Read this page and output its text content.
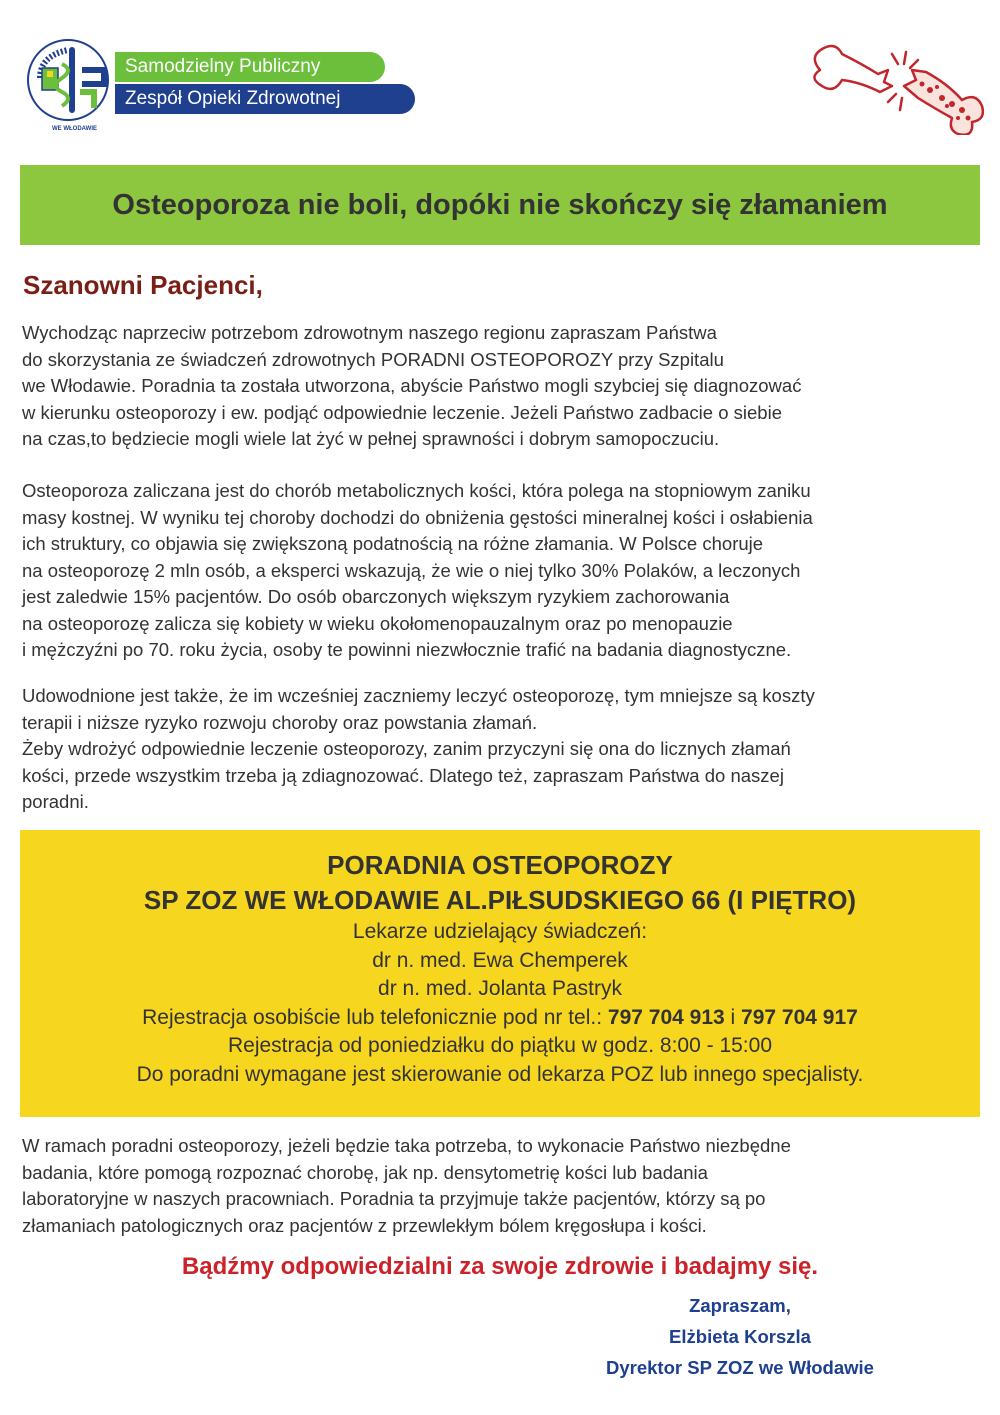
WE WŁODAWIE
Samodzielny Publiczny
Zespół Opieki Zdrowotnej
Osteoporoza nie boli, dopóki nie skończy się złamaniem
Szanowni Pacjenci,
Wychodząc naprzeciw potrzebom zdrowotnym naszego regionu zapraszam Państwa
do skorzystania ze świadczeń zdrowotnych PORADNI OSTEOPOROZY przy Szpitalu
we Włodawie. Poradnia ta została utworzona, abyście Państwo mogli szybciej się diagnozować
w kierunku osteoporozy i ew. podjąć odpowiednie leczenie. Jeżeli Państwo zadbacie o siebie
na czas,to będziecie mogli wiele lat żyć w pełnej sprawności i dobrym samopoczuciu.
Osteoporoza zaliczana jest do chorób metabolicznych kości, która polega na stopniowym zaniku
masy kostnej. W wyniku tej choroby dochodzi do obniżenia gęstości mineralnej kości i osłabienia
ich struktury, co objawia się zwiększoną podatnością na różne złamania. W Polsce choruje
na osteoporozę 2 mln osób, a eksperci wskazują, że wie o niej tylko 30% Polaków, a leczonych
jest zaledwie 15% pacjentów. Do osób obarczonych większym ryzykiem zachorowania
na osteoporozę zalicza się kobiety w wieku okołomenopauzalnym oraz po menopauzie
i mężczyźni po 70. roku życia, osoby te powinni niezwłocznie trafić na badania diagnostyczne.
Udowodnione jest także, że im wcześniej zaczniemy leczyć osteoporozę, tym mniejsze są koszty
terapii i niższe ryzyko rozwoju choroby oraz powstania złamań.
Żeby wdrożyć odpowiednie leczenie osteoporozy, zanim przyczyni się ona do licznych złamań
kości, przede wszystkim trzeba ją zdiagnozować. Dlatego też, zapraszam Państwa do naszej
poradni.
PORADNIA OSTEOPOROZY
SP ZOZ WE WŁODAWIE AL.PIŁSUDSKIEGO 66 (I PIĘTRO)
Lekarze udzielający świadczeń:
dr n. med. Ewa Chemperek
dr n. med. Jolanta Pastryk
Rejestracja osobiście lub telefonicznie pod nr tel.: 797 704 913 i 797 704 917
Rejestracja od poniedziałku do piątku w godz. 8:00 - 15:00
Do poradni wymagane jest skierowanie od lekarza POZ lub innego specjalisty.
W ramach poradni osteoporozy, jeżeli będzie taka potrzeba, to wykonacie Państwo niezbędne
badania, które pomogą rozpoznać chorobę, jak np. densytometrię kości lub badania
laboratoryjne w naszych pracowniach. Poradnia ta przyjmuje także pacjentów, którzy są po
złamaniach patologicznych oraz pacjentów z przewlekłym bólem kręgosłupa i kości.
Bądźmy odpowiedzialni za swoje zdrowie i badajmy się.
Zapraszam,
Elżbieta Korszla
Dyrektor SP ZOZ we Włodawie
